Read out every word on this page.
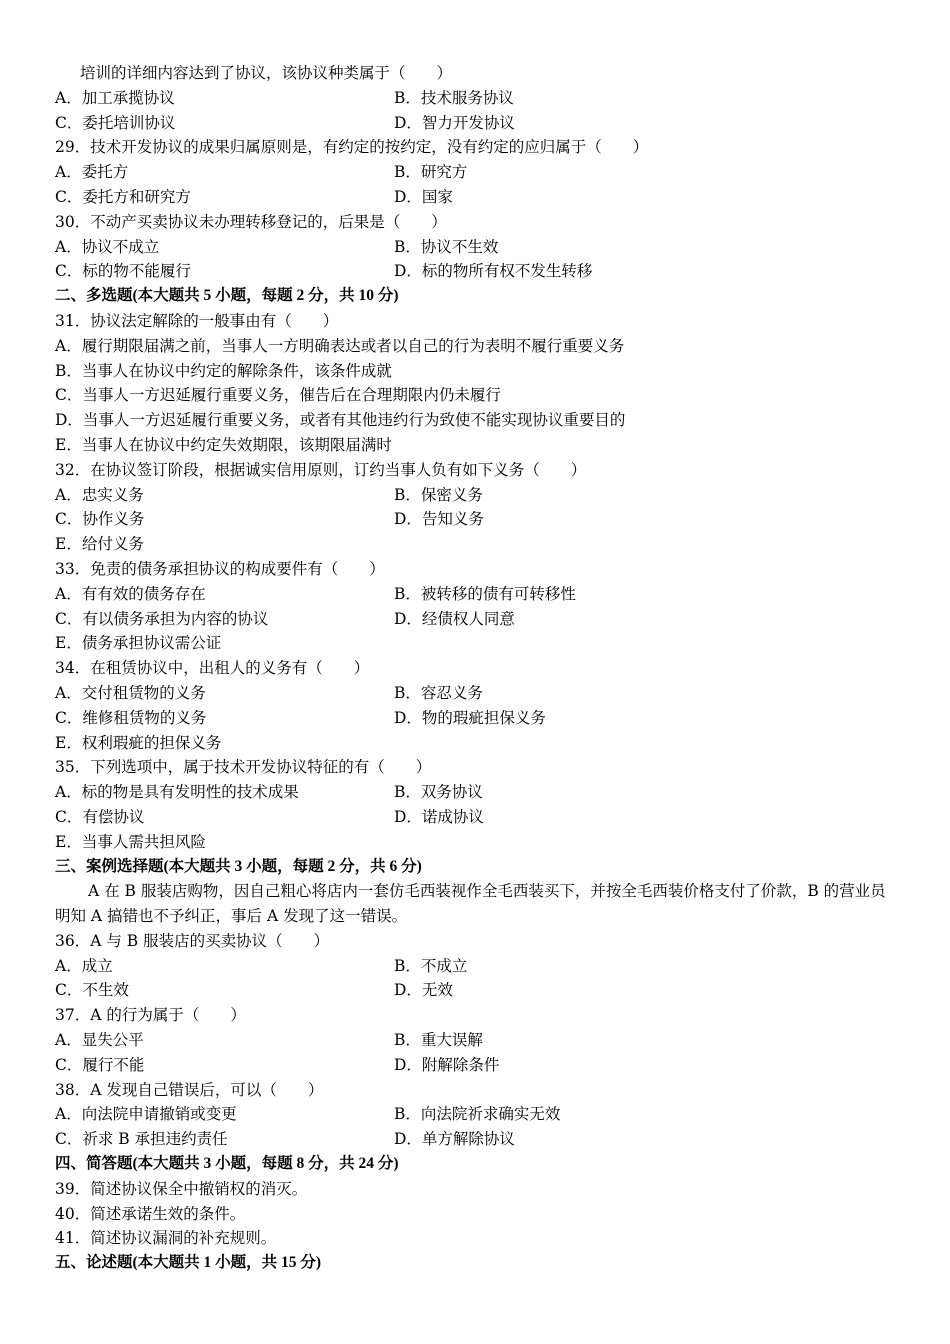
培训的详细内容达到了协议，该协议种类属于（　　）
A．加工承揽协议	B．技术服务协议
C．委托培训协议	D．智力开发协议
29．技术开发协议的成果归属原则是，有约定的按约定，没有约定的应归属于（　　）
A．委托方	B．研究方
C．委托方和研究方	D．国家
30．不动产买卖协议未办理转移登记的，后果是（　　）
A．协议不成立	B．协议不生效
C．标的物不能履行	D．标的物所有权不发生转移
二、多选题(本大题共 5 小题，每题 2 分，共 10 分)
31．协议法定解除的一般事由有（　　）
A．履行期限届满之前，当事人一方明确表达或者以自己的行为表明不履行重要义务
B．当事人在协议中约定的解除条件，该条件成就
C．当事人一方迟延履行重要义务，催告后在合理期限内仍未履行
D．当事人一方迟延履行重要义务，或者有其他违约行为致使不能实现协议重要目的
E．当事人在协议中约定失效期限，该期限届满时
32．在协议签订阶段，根据诚实信用原则，订约当事人负有如下义务（　　）
A．忠实义务	B．保密义务
C．协作义务	D．告知义务
E．给付义务
33．免责的债务承担协议的构成要件有（　　）
A．有有效的债务存在	B．被转移的债有可转移性
C．有以债务承担为内容的协议	D．经债权人同意
E．债务承担协议需公证
34．在租赁协议中，出租人的义务有（　　）
A．交付租赁物的义务	B．容忍义务
C．维修租赁物的义务	D．物的瑕疵担保义务
E．权利瑕疵的担保义务
35．下列选项中，属于技术开发协议特征的有（　　）
A．标的物是具有发明性的技术成果	B．双务协议
C．有偿协议	D．诺成协议
E．当事人需共担风险
三、案例选择题(本大题共 3 小题，每题 2 分，共 6 分)
A 在 B 服装店购物，因自己粗心将店内一套仿毛西装视作全毛西装买下，并按全毛西装价格支付了价款，B 的营业员明知 A 搞错也不予纠正，事后 A 发现了这一错误。
36．A 与 B 服装店的买卖协议（　　）
A．成立	B．不成立
C．不生效	D．无效
37．A 的行为属于（　　）
A．显失公平	B．重大误解
C．履行不能	D．附解除条件
38．A 发现自己错误后，可以（　　）
A．向法院申请撤销或变更	B．向法院祈求确实无效
C．祈求 B 承担违约责任	D．单方解除协议
四、简答题(本大题共 3 小题，每题 8 分，共 24 分)
39．简述协议保全中撤销权的消灭。
40．简述承诺生效的条件。
41．简述协议漏洞的补充规则。
五、论述题(本大题共 1 小题，共 15 分)
